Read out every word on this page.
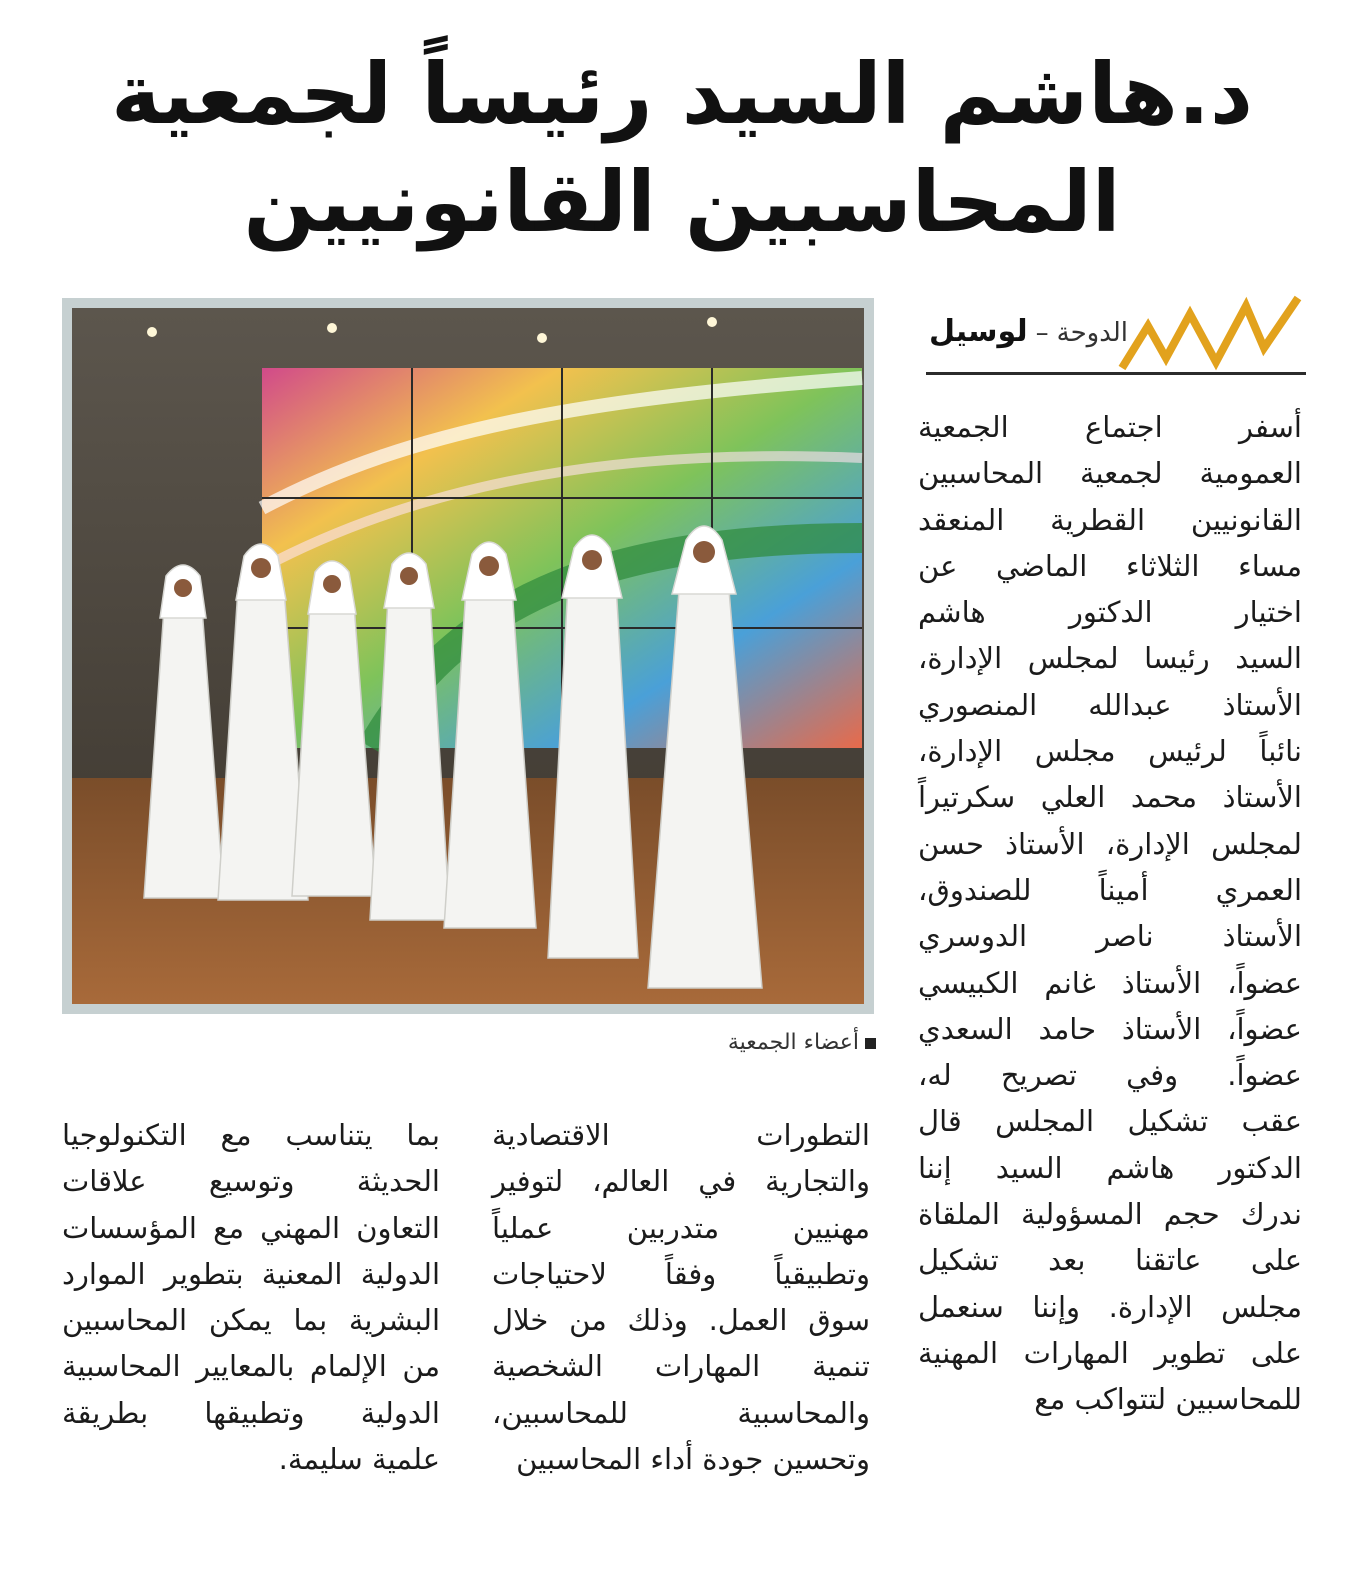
د.هاشم السيد رئيساً لجمعية
المحاسبين القانونيين
الدوحة–لوسيل
أعضاء الجمعية

أسفر اجتماع الجمعية

العمومية لجمعية المحاسبين

القانونيين القطرية المنعقد

مساء الثلاثاء الماضي عن

اختيار الدكتور هاشم

السيد رئيسا لمجلس الإدارة،

الأستاذ عبدالله المنصوري

نائباً لرئيس مجلس الإدارة،

الأستاذ محمد العلي سكرتيراً

لمجلس الإدارة، الأستاذ حسن

العمري أميناً للصندوق،

الأستاذ ناصر الدوسري

عضواً، الأستاذ غانم الكبيسي

عضواً، الأستاذ حامد السعدي

عضواً. وفي تصريح له،

عقب تشكيل المجلس قال

الدكتور هاشم السيد إننا

ندرك حجم المسؤولية الملقاة

على عاتقنا بعد تشكيل

مجلس الإدارة. وإننا سنعمل

على تطوير المهارات المهنية

للمحاسبين لتتواكب مع

التطورات الاقتصادية

والتجارية في العالم، لتوفير

مهنيين متدربين عملياً

وتطبيقياً وفقاً لاحتياجات

سوق العمل. وذلك من خلال

تنمية المهارات الشخصية

والمحاسبية للمحاسبين،

وتحسين جودة أداء المحاسبين

بما يتناسب مع التكنولوجيا

الحديثة وتوسيع علاقات

التعاون المهني مع المؤسسات

الدولية المعنية بتطوير الموارد

البشرية بما يمكن المحاسبين

من الإلمام بالمعايير المحاسبية

الدولية وتطبيقها بطريقة

علمية سليمة.
